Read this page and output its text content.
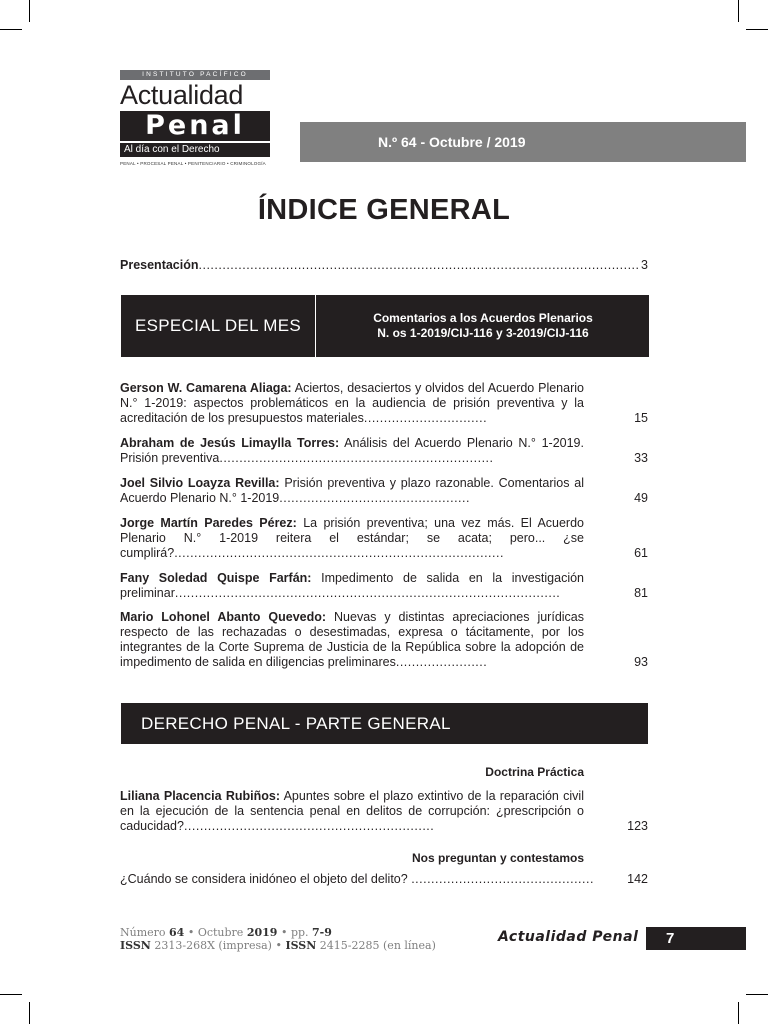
INSTITUTO PACÍFICO
Actualidad
Penal
Al día con el Derecho
PENAL • PROCESAL PENAL • PENITENCIARIO • CRIMINOLOGÍA
N.º 64 - Octubre / 2019
ÍNDICE GENERAL
Presentación............................................................................................................... 3
ESPECIAL DEL MES	Comentarios a los Acuerdos Plenarios
N. os 1-2019/CIJ-116 y 3-2019/CIJ-116
Gerson W. Camarena Aliaga: Aciertos, desaciertos y olvidos del Acuerdo Plenario N.° 1-2019: aspectos problemáticos en la audiencia de prisión preventiva y la acreditación de los presupuestos materiales...............................	15
Abraham de Jesús Limaylla Torres: Análisis del Acuerdo Plenario N.° 1-2019. Prisión preventiva.....................................................................	33
Joel Silvio Loayza Revilla: Prisión preventiva y plazo razonable. Comentarios al Acuerdo Plenario N.° 1-2019................................................	49
Jorge Martín Paredes Pérez: La prisión preventiva; una vez más. El Acuerdo Plenario N.° 1-2019 reitera el estándar; se acata; pero... ¿se cumplirá?...................................................................................	61
Fany Soledad Quispe Farfán: Impedimento de salida en la investigación preliminar.................................................................................................	81
Mario Lohonel Abanto Quevedo: Nuevas y distintas apreciaciones jurídicas respecto de las rechazadas o desestimadas, expresa o tácitamente, por los integrantes de la Corte Suprema de Justicia de la República sobre la adopción de impedimento de salida en diligencias preliminares.......................	93
DERECHO PENAL - PARTE GENERAL
Doctrina Práctica
Liliana Placencia Rubiños: Apuntes sobre el plazo extintivo de la reparación civil en la ejecución de la sentencia penal en delitos de corrupción: ¿prescripción o caducidad?...............................................................	123
Nos preguntan y contestamos
¿Cuándo se considera inidóneo el objeto del delito? ..............................................	142
Número 64 • Octubre 2019 • pp. 7-9
ISSN 2313-268X (impresa) • ISSN 2415-2285 (en línea)
Actualidad Penal	7
